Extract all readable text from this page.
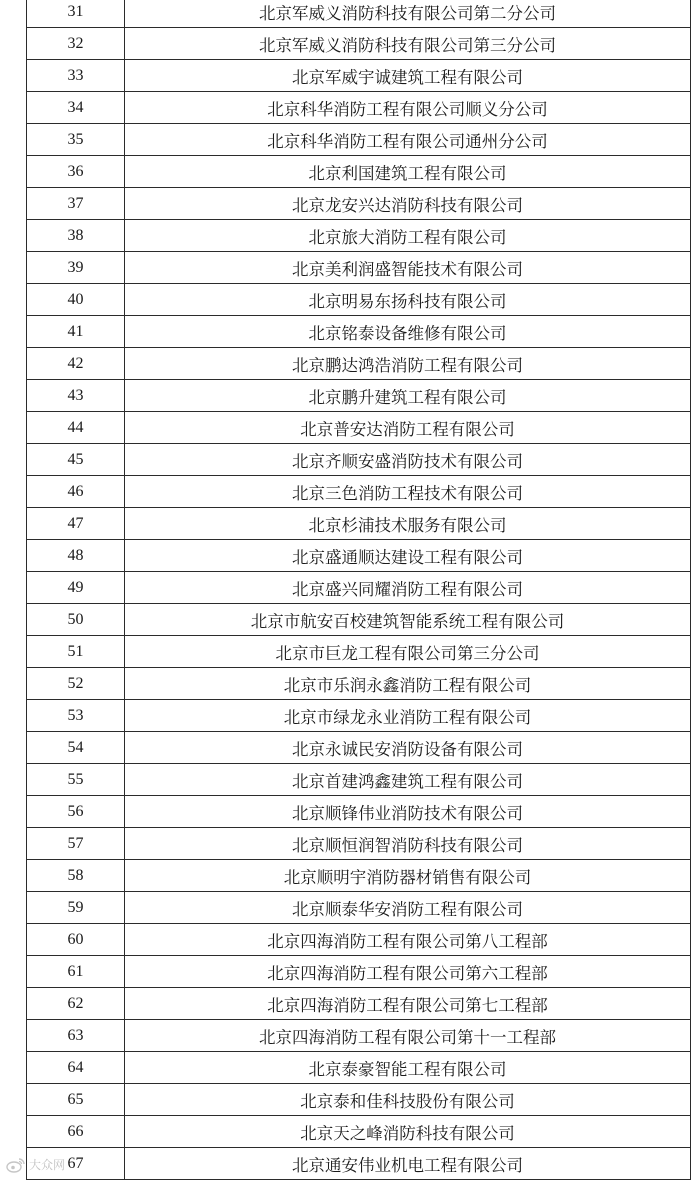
31	北京军威义消防科技有限公司第二分公司
32	北京军威义消防科技有限公司第三分公司
33	北京军威宇诚建筑工程有限公司
34	北京科华消防工程有限公司顺义分公司
35	北京科华消防工程有限公司通州分公司
36	北京利国建筑工程有限公司
37	北京龙安兴达消防科技有限公司
38	北京旅大消防工程有限公司
39	北京美利润盛智能技术有限公司
40	北京明易东扬科技有限公司
41	北京铭泰设备维修有限公司
42	北京鹏达鸿浩消防工程有限公司
43	北京鹏升建筑工程有限公司
44	北京普安达消防工程有限公司
45	北京齐顺安盛消防技术有限公司
46	北京三色消防工程技术有限公司
47	北京杉浦技术服务有限公司
48	北京盛通顺达建设工程有限公司
49	北京盛兴同耀消防工程有限公司
50	北京市航安百校建筑智能系统工程有限公司
51	北京市巨龙工程有限公司第三分公司
52	北京市乐润永鑫消防工程有限公司
53	北京市绿龙永业消防工程有限公司
54	北京永诚民安消防设备有限公司
55	北京首建鸿鑫建筑工程有限公司
56	北京顺锋伟业消防技术有限公司
57	北京顺恒润智消防科技有限公司
58	北京顺明宇消防器材销售有限公司
59	北京顺泰华安消防工程有限公司
60	北京四海消防工程有限公司第八工程部
61	北京四海消防工程有限公司第六工程部
62	北京四海消防工程有限公司第七工程部
63	北京四海消防工程有限公司第十一工程部
64	北京泰豪智能工程有限公司
65	北京泰和佳科技股份有限公司
66	北京天之峰消防科技有限公司
67	北京通安伟业机电工程有限公司
大众网
